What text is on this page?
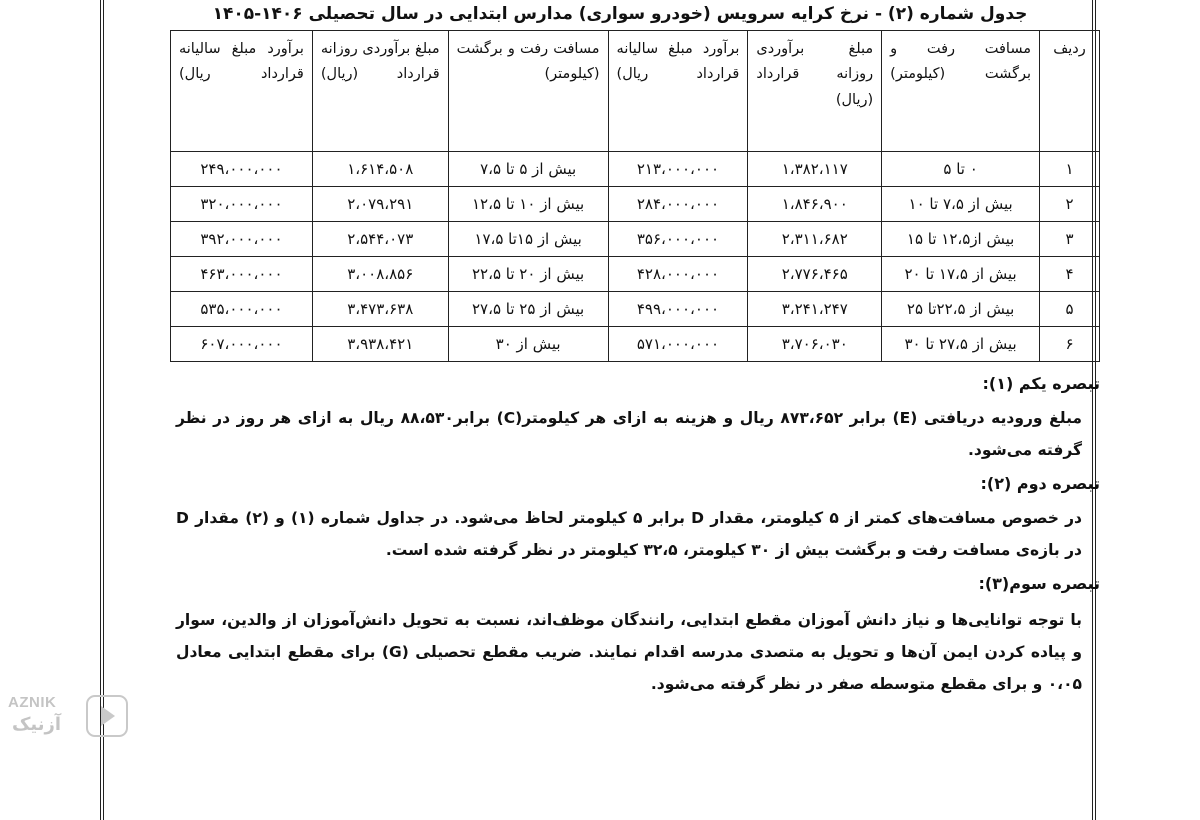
جدول شماره (۲) - نرخ کرایه سرویس (خودرو سواری) مدارس ابتدایی در سال تحصیلی ۱۴۰۶-۱۴۰۵
ردیف	مسافت رفت و برگشت (کیلومتر)	مبلغ برآوردی روزانه قرارداد (ریال)	برآورد مبلغ سالیانه قرارداد ریال)	مسافت رفت و برگشت (کیلومتر)	مبلغ برآوردی روزانه قرارداد (ریال)	برآورد مبلغ سالیانه قرارداد ریال)
۱	۰ تا ۵	۱،۳۸۲،۱۱۷	۲۱۳،۰۰۰،۰۰۰	بیش از ۵ تا ۷،۵	۱،۶۱۴،۵۰۸	۲۴۹،۰۰۰،۰۰۰
۲	بیش از ۷،۵ تا ۱۰	۱،۸۴۶،۹۰۰	۲۸۴،۰۰۰،۰۰۰	بیش از ۱۰ تا ۱۲،۵	۲،۰۷۹،۲۹۱	۳۲۰،۰۰۰،۰۰۰
۳	بیش از۱۲،۵ تا ۱۵	۲،۳۱۱،۶۸۲	۳۵۶،۰۰۰،۰۰۰	بیش از ۱۵تا ۱۷،۵	۲،۵۴۴،۰۷۳	۳۹۲،۰۰۰،۰۰۰
۴	بیش از ۱۷،۵ تا ۲۰	۲،۷۷۶،۴۶۵	۴۲۸،۰۰۰،۰۰۰	بیش از ۲۰ تا ۲۲،۵	۳،۰۰۸،۸۵۶	۴۶۳،۰۰۰،۰۰۰
۵	بیش از ۲۲،۵تا ۲۵	۳،۲۴۱،۲۴۷	۴۹۹،۰۰۰،۰۰۰	بیش از ۲۵ تا ۲۷،۵	۳،۴۷۳،۶۳۸	۵۳۵،۰۰۰،۰۰۰
۶	بیش از ۲۷،۵ تا ۳۰	۳،۷۰۶،۰۳۰	۵۷۱،۰۰۰،۰۰۰	بیش از ۳۰	۳،۹۳۸،۴۲۱	۶۰۷،۰۰۰،۰۰۰

تبصره یکم (۱):

مبلغ ورودیه دریافتی (E) برابر ۸۷۳،۶۵۲ ریال و هزینه به ازای هر کیلومتر(C) برابر۸۸،۵۳۰ ریال به ازای هر روز در نظر گرفته می‌شود.

تبصره دوم (۲):

در خصوص مسافت‌های کمتر از ۵ کیلومتر، مقدار D برابر ۵ کیلومتر لحاظ می‌شود. در جداول شماره (۱) و (۲) مقدار D در بازه‌ی مسافت رفت و برگشت بیش از ۳۰ کیلومتر، ۳۲،۵ کیلومتر در نظر گرفته شده است.

تبصره سوم(۳):

با توجه توانایی‌ها و نیاز دانش آموزان مقطع ابتدایی، رانندگان موظف‌اند، نسبت به تحویل دانش‌آموزان از والدین، سوار و پیاده کردن ایمن آن‌ها و تحویل به متصدی مدرسه اقدام نمایند. ضریب مقطع تحصیلی (G) برای مقطع ابتدایی معادل ۰،۰۵ و برای مقطع متوسطه صفر در نظر گرفته می‌شود.

AZNIK
آزنیک
